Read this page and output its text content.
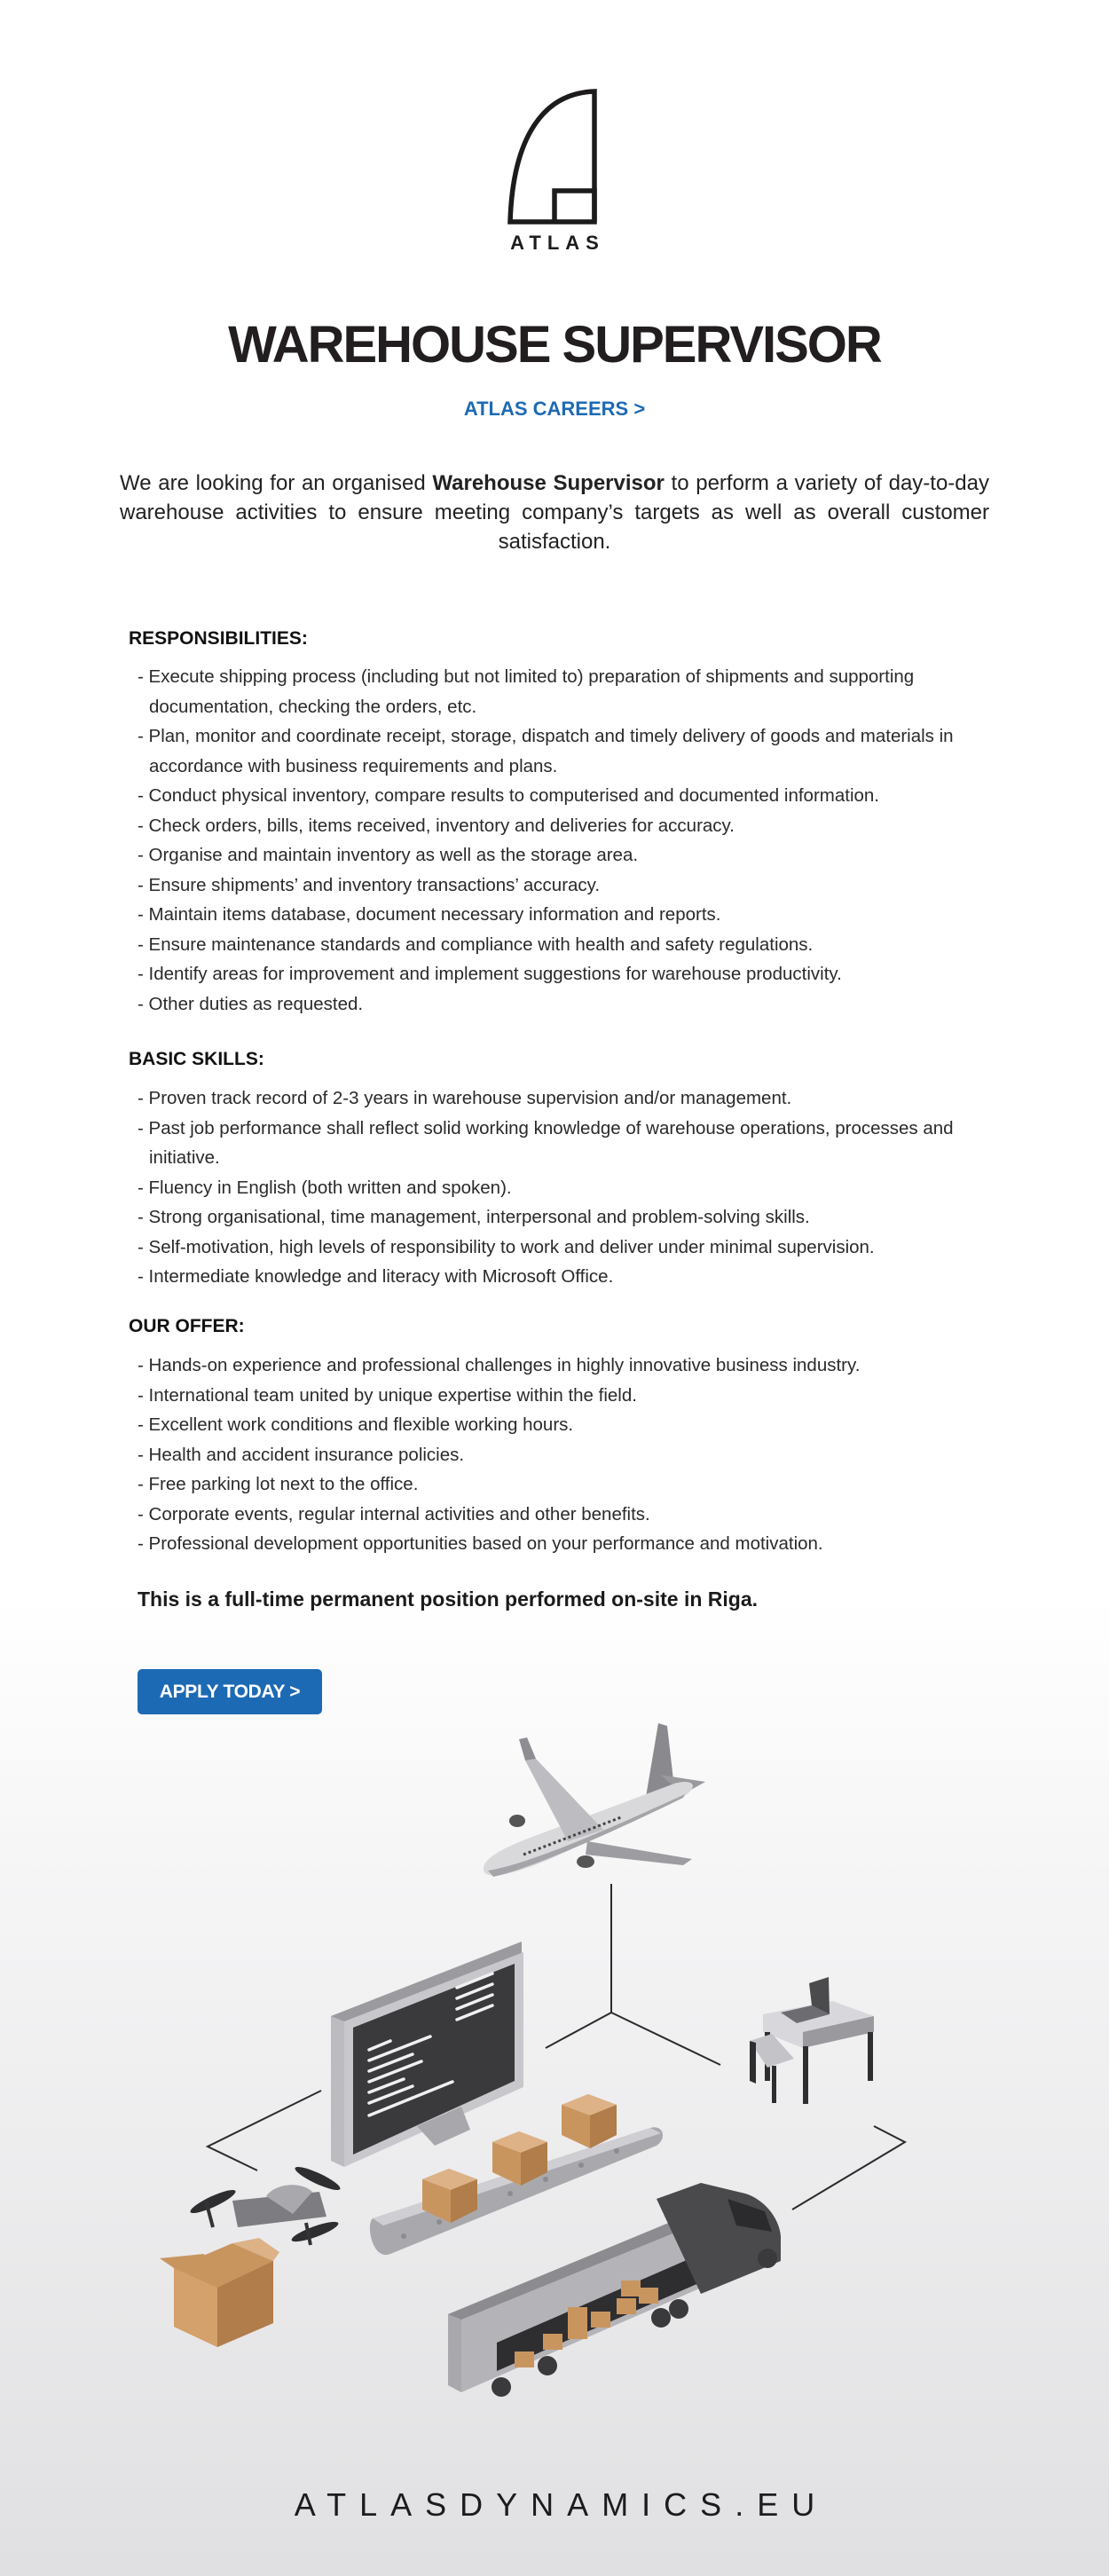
ATLAS
WAREHOUSE SUPERVISOR
ATLAS CAREERS >

We are looking for an organised Warehouse Supervisor to perform a variety of day-to-day warehouse activities to ensure meeting company’s targets as well as overall customer satisfaction.

RESPONSIBILITIES:
- Execute shipping process (including but not limited to) preparation of shipments and supporting documentation, checking the orders, etc.
- Plan, monitor and coordinate receipt, storage, dispatch and timely delivery of goods and materials in accordance with business requirements and plans.
- Conduct physical inventory, compare results to computerised and documented information.
- Check orders, bills, items received, inventory and deliveries for accuracy.
- Organise and maintain inventory as well as the storage area.
- Ensure shipments’ and inventory transactions’ accuracy.
- Maintain items database, document necessary information and reports.
- Ensure maintenance standards and compliance with health and safety regulations.
- Identify areas for improvement and implement suggestions for warehouse productivity.
- Other duties as requested.
BASIC SKILLS:
- Proven track record of 2-3 years in warehouse supervision and/or management.
- Past job performance shall reflect solid working knowledge of warehouse operations, processes and initiative.
- Fluency in English (both written and spoken).
- Strong organisational, time management, interpersonal and problem-solving skills.
- Self-motivation, high levels of responsibility to work and deliver under minimal supervision.
- Intermediate knowledge and literacy with Microsoft Office.
OUR OFFER:
- Hands-on experience and professional challenges in highly innovative business industry.
- International team united by unique expertise within the field.
- Excellent work conditions and flexible working hours.
- Health and accident insurance policies.
- Free parking lot next to the office.
- Corporate events, regular internal activities and other benefits.
- Professional development opportunities based on your performance and motivation.

This is a full-time permanent position performed on-site in Riga.

APPLY TODAY >

ATLASDYNAMICS.EU
